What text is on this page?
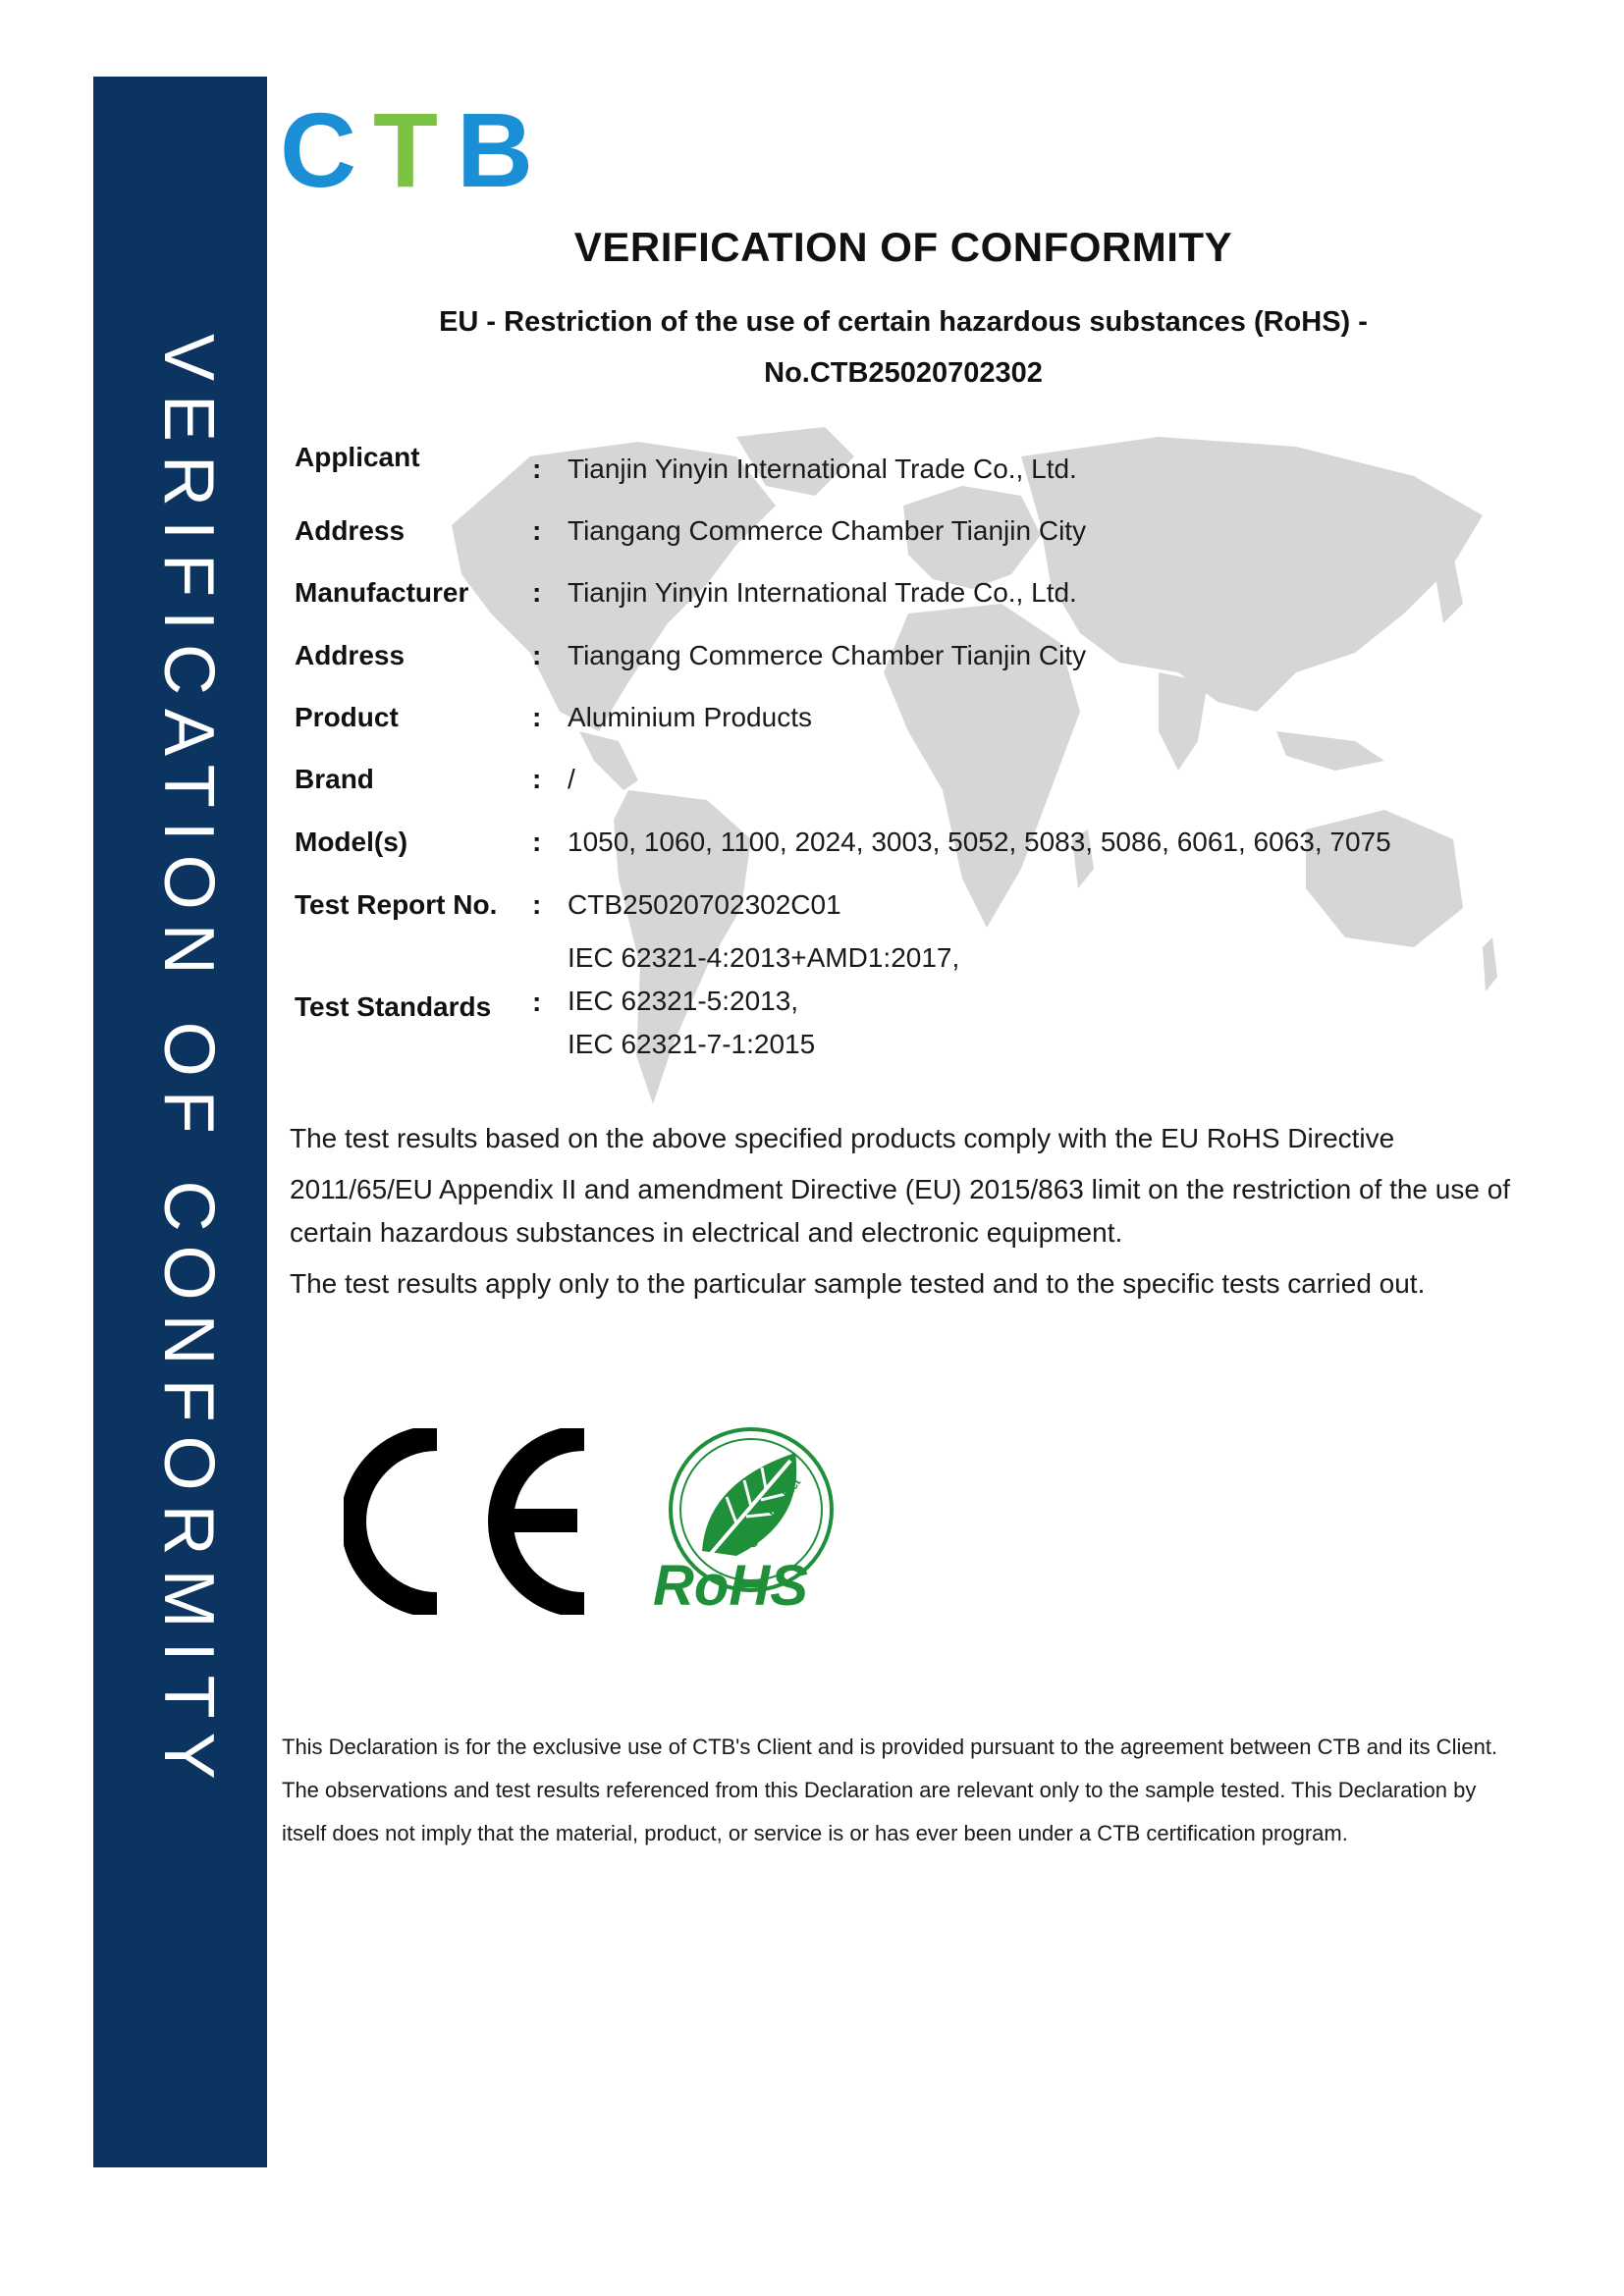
VERIFICATION OF CONFORMITY
C T B
VERIFICATION OF CONFORMITY
EU - Restriction of the use of certain hazardous substances (RoHS) -
No.CTB25020702302
Applicant	: Tianjin Yinyin International Trade Co., Ltd.
Address	: Tiangang Commerce Chamber Tianjin City
Manufacturer : Tianjin Yinyin International Trade Co., Ltd.
Address	: Tiangang Commerce Chamber Tianjin City
Product	: Aluminium Products
Brand	: /
Model(s)	: 1050, 1060, 1100, 2024, 3003, 5052, 5083, 5086, 6061, 6063, 7075
Test Report No. : CTB25020702302C01
Test Standards :
IEC 62321-4:2013+AMD1:2017,
IEC 62321-5:2013,
IEC 62321-7-1:2015
The test results based on the above specified products comply with the EU RoHS Directive
2011/65/EU Appendix II and amendment Directive (EU) 2015/863 limit on the restriction of the use of
certain hazardous substances in electrical and electronic equipment.
The test results apply only to the particular sample tested and to the specific tests carried out.
Green Product
RoHS
This Declaration is for the exclusive use of CTB's Client and is provided pursuant to the agreement between CTB and its Client.
The observations and test results referenced from this Declaration are relevant only to the sample tested. This Declaration by
itself does not imply that the material, product, or service is or has ever been under a CTB certification program.
